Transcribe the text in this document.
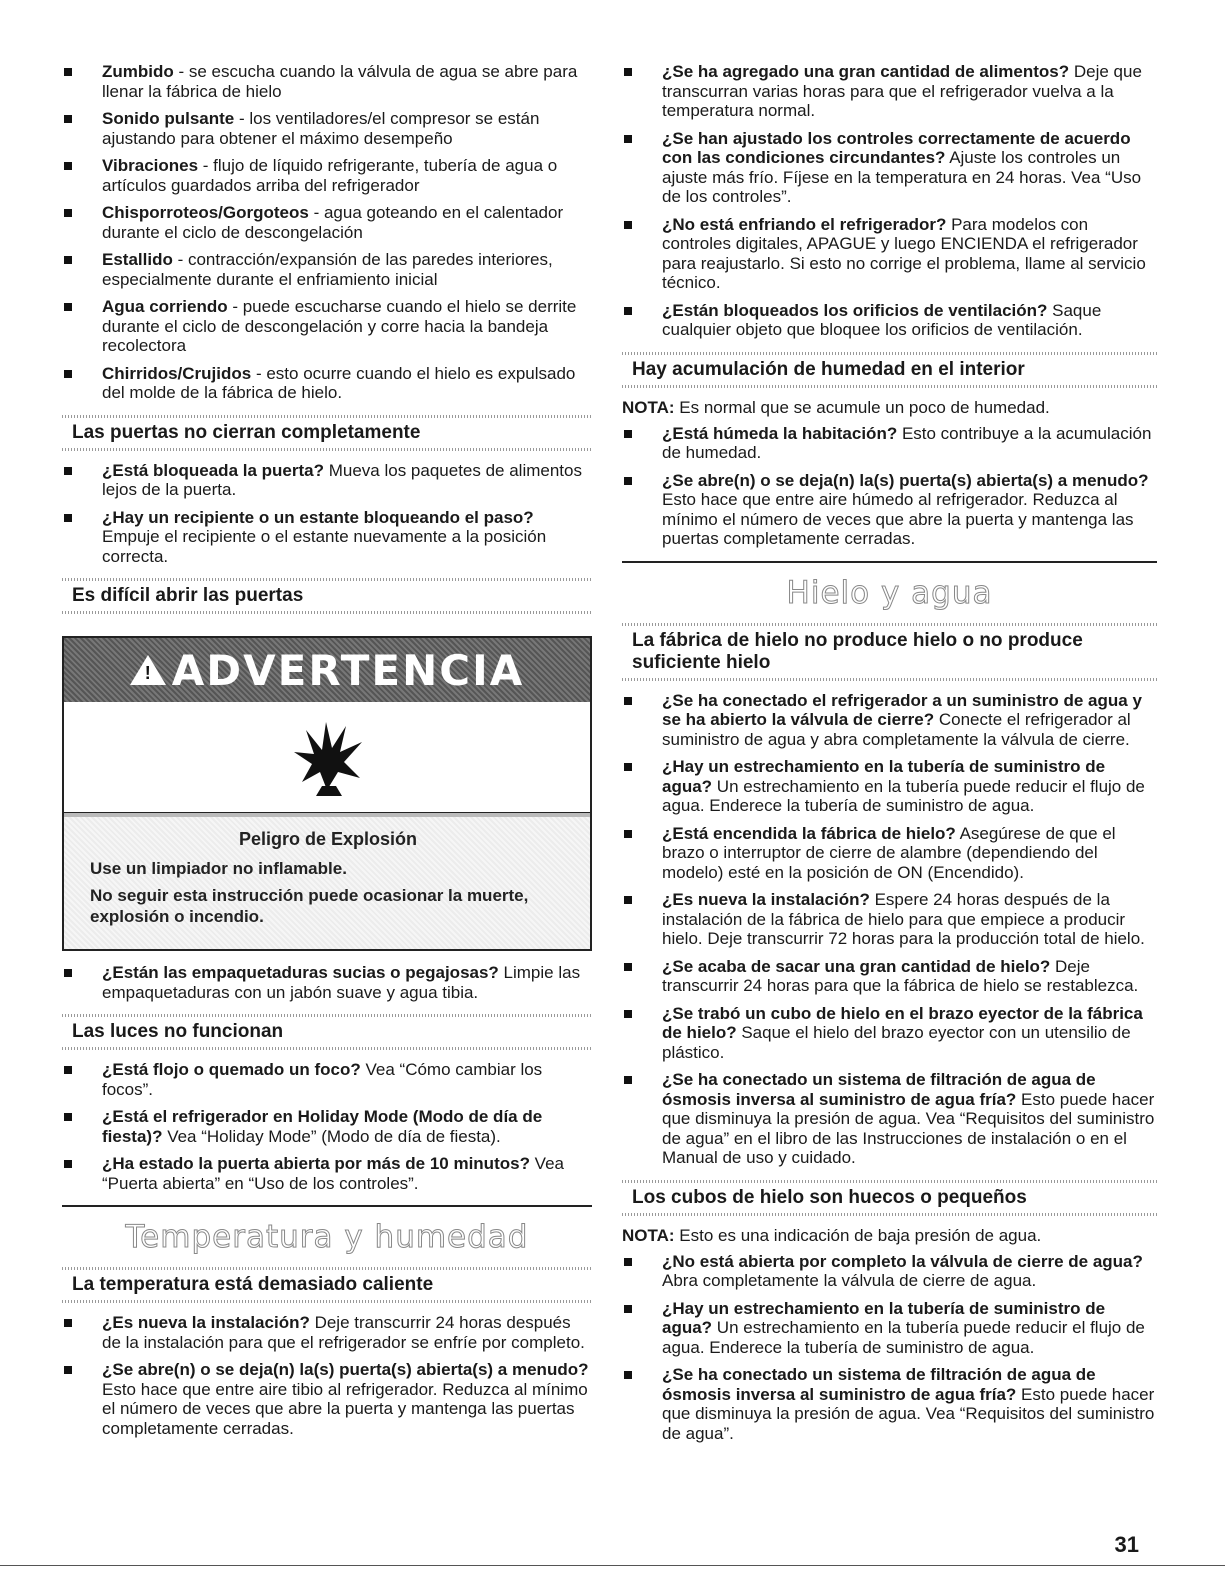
Zumbido - se escucha cuando la válvula de agua se abre para llenar la fábrica de hielo
Sonido pulsante - los ventiladores/el compresor se están ajustando para obtener el máximo desempeño
Vibraciones - flujo de líquido refrigerante, tubería de agua o artículos guardados arriba del refrigerador
Chisporroteos/Gorgoteos - agua goteando en el calentador durante el ciclo de descongelación
Estallido - contracción/expansión de las paredes interiores, especialmente durante el enfriamiento inicial
Agua corriendo - puede escucharse cuando el hielo se derrite durante el ciclo de descongelación y corre hacia la bandeja recolectora
Chirridos/Crujidos - esto ocurre cuando el hielo es expulsado del molde de la fábrica de hielo.
Las puertas no cierran completamente
¿Está bloqueada la puerta? Mueva los paquetes de alimentos lejos de la puerta.
¿Hay un recipiente o un estante bloqueando el paso? Empuje el recipiente o el estante nuevamente a la posición correcta.
Es difícil abrir las puertas
! ADVERTENCIA
Peligro de Explosión

Use un limpiador no inflamable.

No seguir esta instrucción puede ocasionar la muerte, explosión o incendio.

¿Están las empaquetaduras sucias o pegajosas? Limpie las empaquetaduras con un jabón suave y agua tibia.
Las luces no funcionan
¿Está flojo o quemado un foco? Vea “Cómo cambiar los focos”.
¿Está el refrigerador en Holiday Mode (Modo de día de fiesta)? Vea “Holiday Mode” (Modo de día de fiesta).
¿Ha estado la puerta abierta por más de 10 minutos? Vea “Puerta abierta” en “Uso de los controles”.
Temperatura y humedad
La temperatura está demasiado caliente
¿Es nueva la instalación? Deje transcurrir 24 horas después de la instalación para que el refrigerador se enfríe por completo.
¿Se abre(n) o se deja(n) la(s) puerta(s) abierta(s) a menudo? Esto hace que entre aire tibio al refrigerador. Reduzca al mínimo el número de veces que abre la puerta y mantenga las puertas completamente cerradas.
¿Se ha agregado una gran cantidad de alimentos? Deje que transcurran varias horas para que el refrigerador vuelva a la temperatura normal.
¿Se han ajustado los controles correctamente de acuerdo con las condiciones circundantes? Ajuste los controles un ajuste más frío. Fíjese en la temperatura en 24 horas. Vea “Uso de los controles”.
¿No está enfriando el refrigerador? Para modelos con controles digitales, APAGUE y luego ENCIENDA el refrigerador para reajustarlo. Si esto no corrige el problema, llame al servicio técnico.
¿Están bloqueados los orificios de ventilación? Saque cualquier objeto que bloquee los orificios de ventilación.
Hay acumulación de humedad en el interior

NOTA: Es normal que se acumule un poco de humedad.

¿Está húmeda la habitación? Esto contribuye a la acumulación de humedad.
¿Se abre(n) o se deja(n) la(s) puerta(s) abierta(s) a menudo? Esto hace que entre aire húmedo al refrigerador. Reduzca al mínimo el número de veces que abre la puerta y mantenga las puertas completamente cerradas.
Hielo y agua
La fábrica de hielo no produce hielo o no produce suficiente hielo
¿Se ha conectado el refrigerador a un suministro de agua y se ha abierto la válvula de cierre? Conecte el refrigerador al suministro de agua y abra completamente la válvula de cierre.
¿Hay un estrechamiento en la tubería de suministro de agua? Un estrechamiento en la tubería puede reducir el flujo de agua. Enderece la tubería de suministro de agua.
¿Está encendida la fábrica de hielo? Asegúrese de que el brazo o interruptor de cierre de alambre (dependiendo del modelo) esté en la posición de ON (Encendido).
¿Es nueva la instalación? Espere 24 horas después de la instalación de la fábrica de hielo para que empiece a producir hielo. Deje transcurrir 72 horas para la producción total de hielo.
¿Se acaba de sacar una gran cantidad de hielo? Deje transcurrir 24 horas para que la fábrica de hielo se restablezca.
¿Se trabó un cubo de hielo en el brazo eyector de la fábrica de hielo? Saque el hielo del brazo eyector con un utensilio de plástico.
¿Se ha conectado un sistema de filtración de agua de ósmosis inversa al suministro de agua fría? Esto puede hacer que disminuya la presión de agua. Vea “Requisitos del suministro de agua” en el libro de las Instrucciones de instalación o en el Manual de uso y cuidado.
Los cubos de hielo son huecos o pequeños

NOTA: Esto es una indicación de baja presión de agua.

¿No está abierta por completo la válvula de cierre de agua? Abra completamente la válvula de cierre de agua.
¿Hay un estrechamiento en la tubería de suministro de agua? Un estrechamiento en la tubería puede reducir el flujo de agua. Enderece la tubería de suministro de agua.
¿Se ha conectado un sistema de filtración de agua de ósmosis inversa al suministro de agua fría? Esto puede hacer que disminuya la presión de agua. Vea “Requisitos del suministro de agua”.
31
